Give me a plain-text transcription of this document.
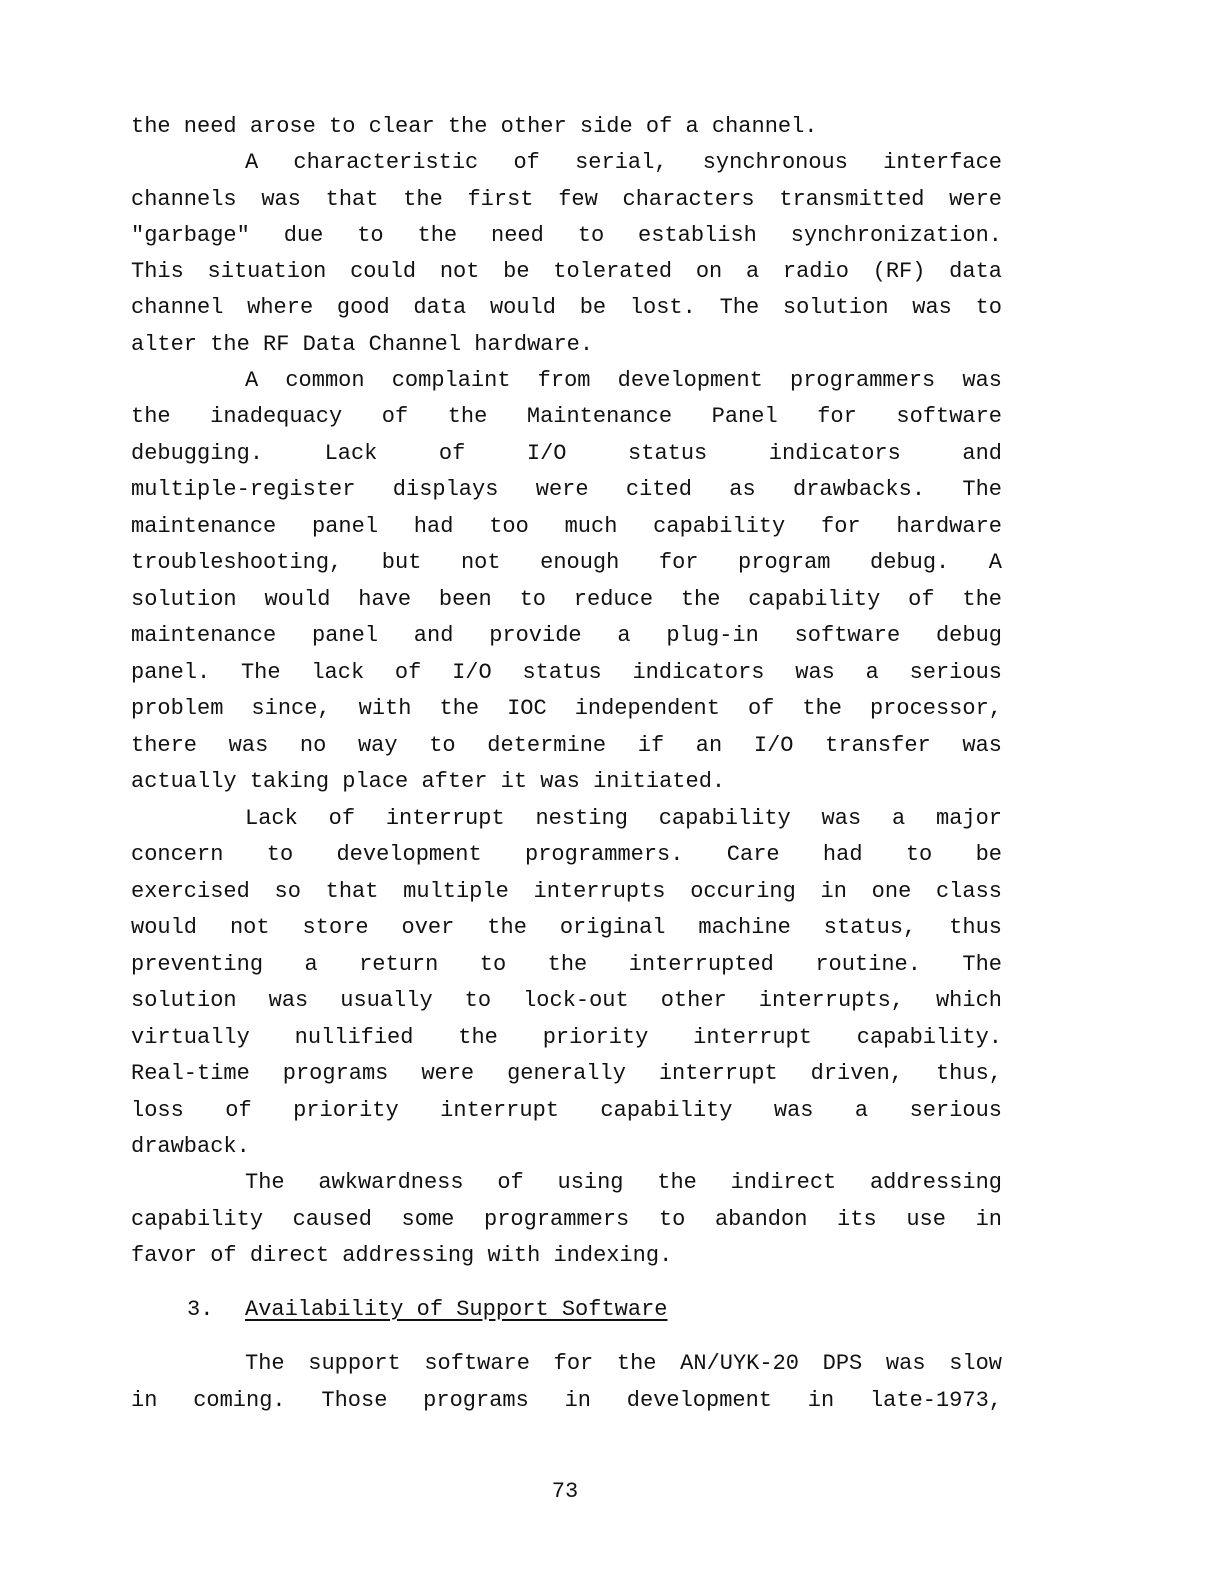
the need arose to clear the other side of a channel.
A characteristic of serial, synchronous interface
channels was that the first few characters transmitted were
"garbage" due to the need to establish synchronization.
This situation could not be tolerated on a radio (RF) data
channel where good data would be lost. The solution was to
alter the RF Data Channel hardware.
A common complaint from development programmers was
the inadequacy of the Maintenance Panel for software
debugging. Lack of I/O status indicators and
multiple-register displays were cited as drawbacks. The
maintenance panel had too much capability for hardware
troubleshooting, but not enough for program debug. A
solution would have been to reduce the capability of the
maintenance panel and provide a plug-in software debug
panel. The lack of I/O status indicators was a serious
problem since, with the IOC independent of the processor,
there was no way to determine if an I/O transfer was
actually taking place after it was initiated.
Lack of interrupt nesting capability was a major
concern to development programmers. Care had to be
exercised so that multiple interrupts occuring in one class
would not store over the original machine status, thus
preventing a return to the interrupted routine. The
solution was usually to lock-out other interrupts, which
virtually nullified the priority interrupt capability.
Real-time programs were generally interrupt driven, thus,
loss of priority interrupt capability was a serious
drawback.
The awkwardness of using the indirect addressing
capability caused some programmers to abandon its use in
favor of direct addressing with indexing.
3. Availability of Support Software
The support software for the AN/UYK-20 DPS was slow
in coming. Those programs in development in late-1973,
73
